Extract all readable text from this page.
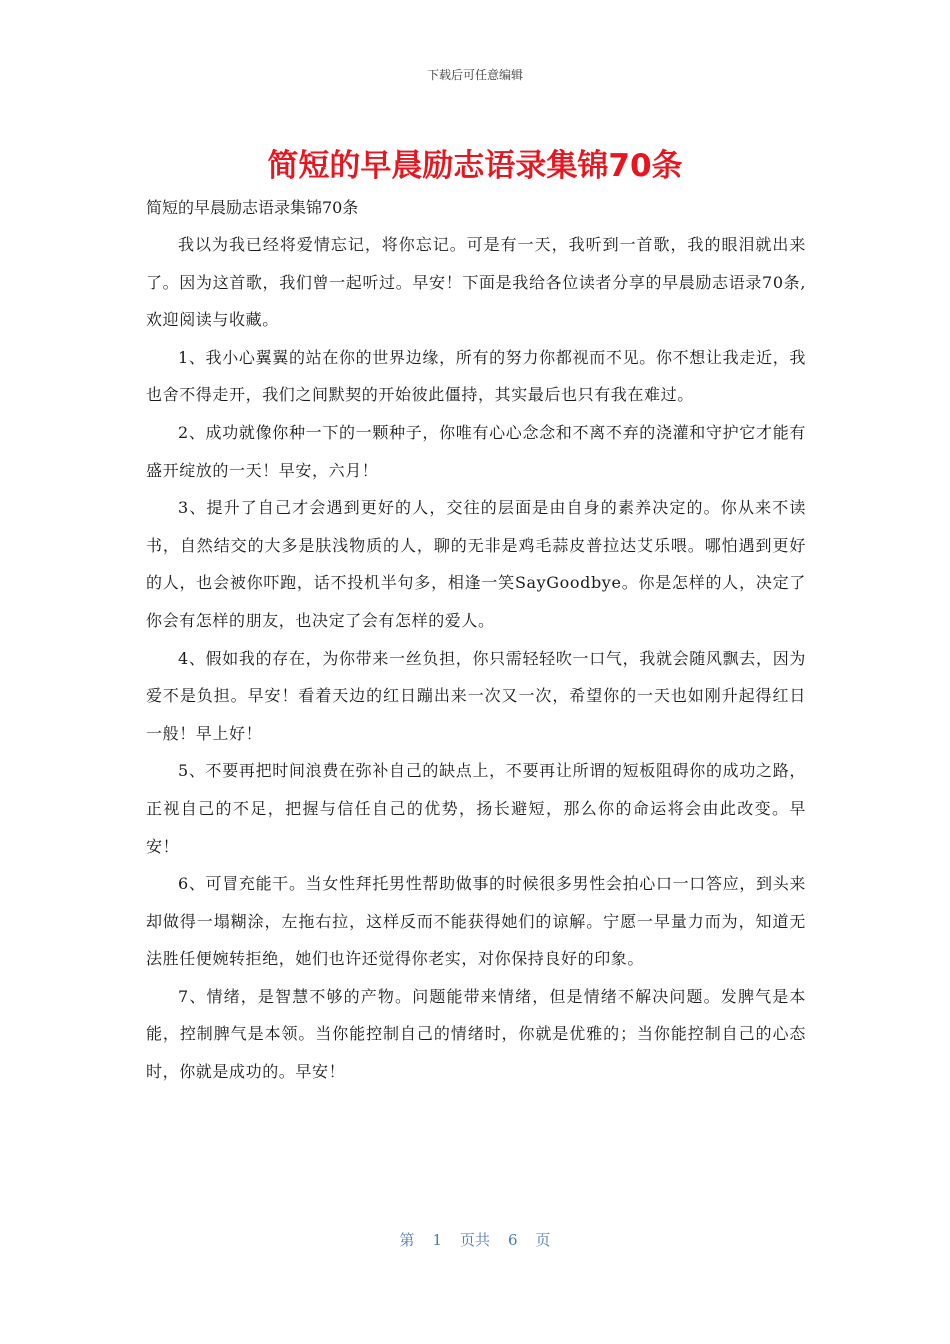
下载后可任意编辑
简短的早晨励志语录集锦70条
简短的早晨励志语录集锦70条

我以为我已经将爱情忘记，将你忘记。可是有一天，我听到一首歌，我的眼泪就出来了。因为这首歌，我们曾一起听过。早安！下面是我给各位读者分享的早晨励志语录70条,欢迎阅读与收藏。

1、我小心翼翼的站在你的世界边缘，所有的努力你都视而不见。你不想让我走近，我也舍不得走开，我们之间默契的开始彼此僵持，其实最后也只有我在难过。

2、成功就像你种一下的一颗种子，你唯有心心念念和不离不弃的浇灌和守护它才能有盛开绽放的一天！早安，六月！

3、提升了自己才会遇到更好的人，交往的层面是由自身的素养决定的。你从来不读书，自然结交的大多是肤浅物质的人，聊的无非是鸡毛蒜皮普拉达艾乐喂。哪怕遇到更好的人，也会被你吓跑，话不投机半句多，相逢一笑SayGoodbye。你是怎样的人，决定了你会有怎样的朋友，也决定了会有怎样的爱人。

4、假如我的存在，为你带来一丝负担，你只需轻轻吹一口气，我就会随风飘去，因为爱不是负担。早安！看着天边的红日蹦出来一次又一次，希望你的一天也如刚升起得红日一般！早上好！

5、不要再把时间浪费在弥补自己的缺点上，不要再让所谓的短板阻碍你的成功之路，正视自己的不足，把握与信任自己的优势，扬长避短，那么你的命运将会由此改变。早安！

6、可冒充能干。当女性拜托男性帮助做事的时候很多男性会拍心口一口答应，到头来却做得一塌糊涂，左拖右拉，这样反而不能获得她们的谅解。宁愿一早量力而为，知道无法胜任便婉转拒绝，她们也许还觉得你老实，对你保持良好的印象。

7、情绪，是智慧不够的产物。问题能带来情绪，但是情绪不解决问题。发脾气是本能，控制脾气是本领。当你能控制自己的情绪时，你就是优雅的；当你能控制自己的心态时，你就是成功的。早安！

第 1 页共 6 页
